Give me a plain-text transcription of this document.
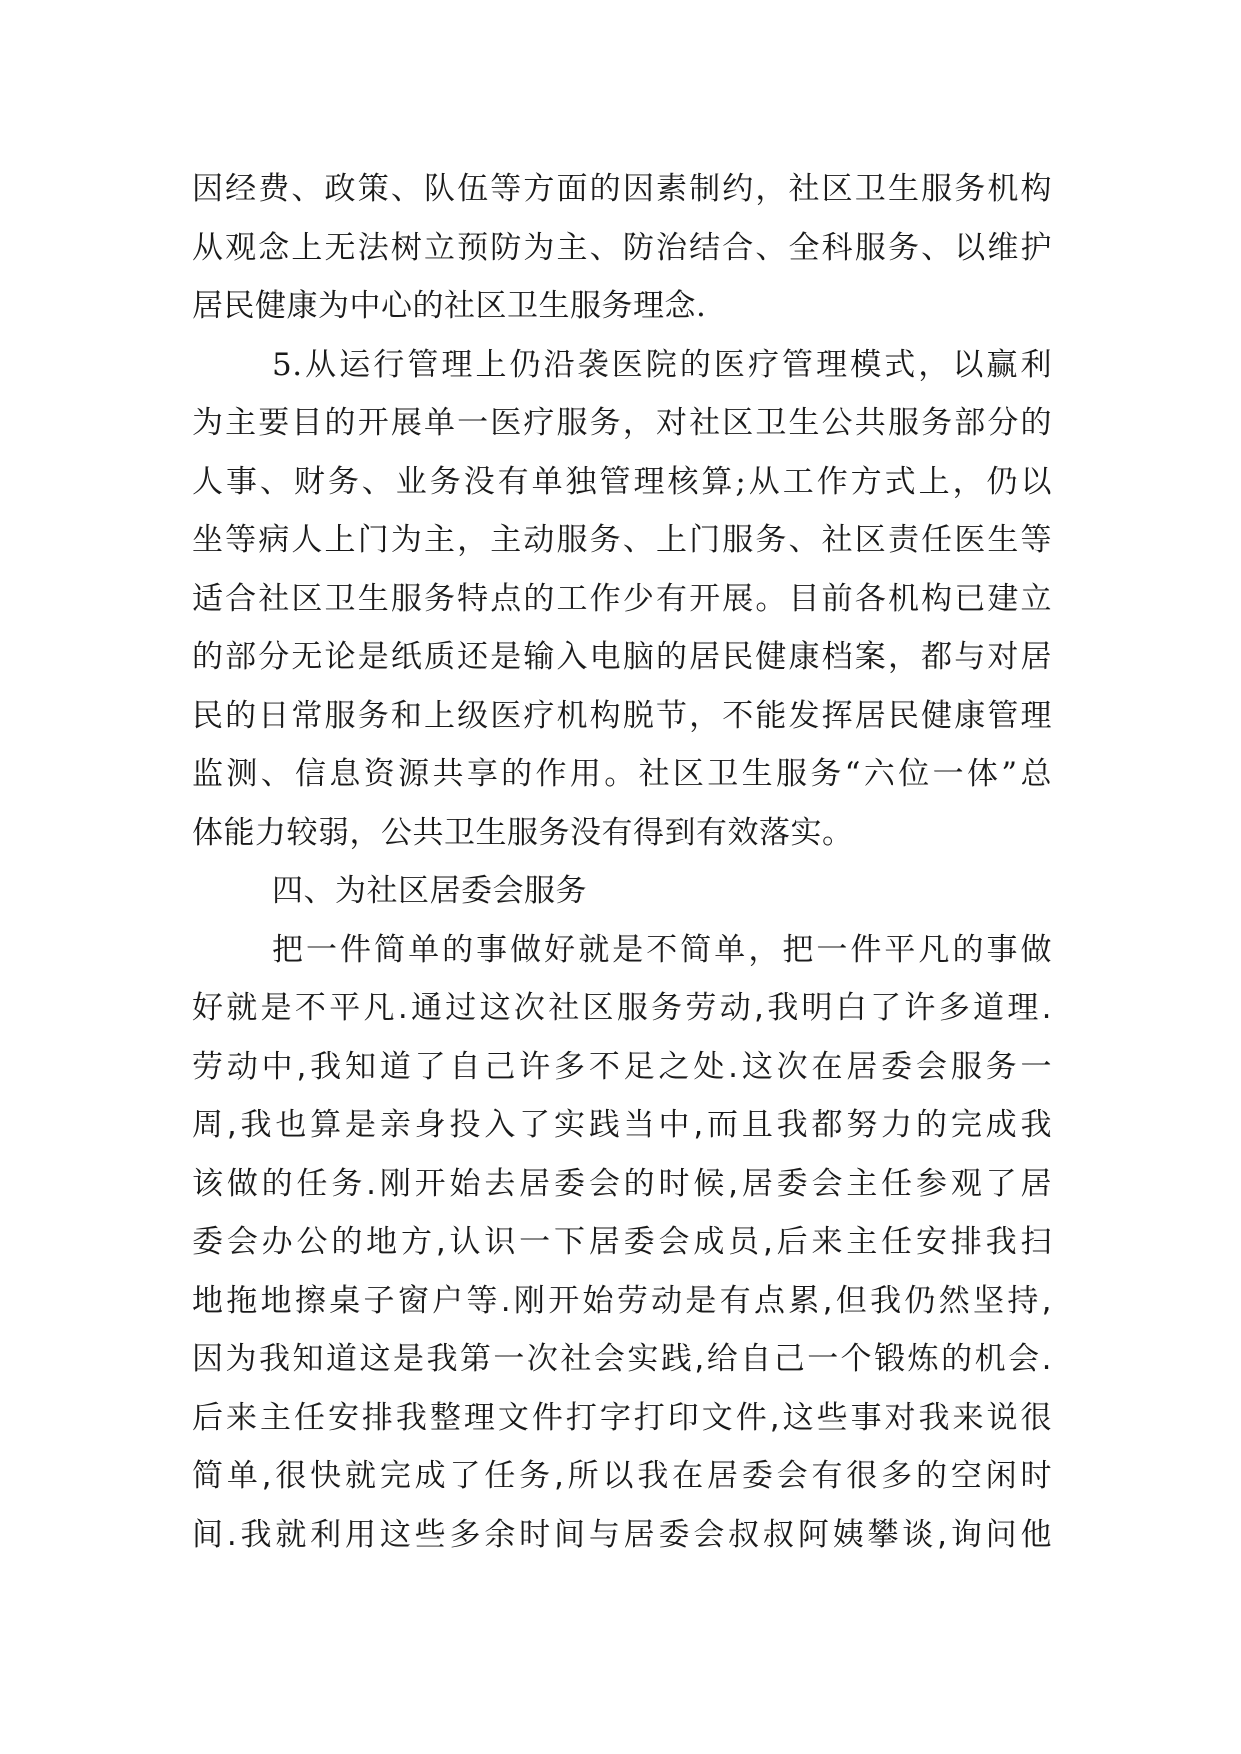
因经费、政策、队伍等方面的因素制约，社区卫生服务机构
从观念上无法树立预防为主、防治结合、全科服务、以维护
居民健康为中心的社区卫生服务理念.
5.从运行管理上仍沿袭医院的医疗管理模式，以赢利
为主要目的开展单一医疗服务，对社区卫生公共服务部分的
人事、财务、业务没有单独管理核算;从工作方式上，仍以
坐等病人上门为主，主动服务、上门服务、社区责任医生等
适合社区卫生服务特点的工作少有开展。目前各机构已建立
的部分无论是纸质还是输入电脑的居民健康档案，都与对居
民的日常服务和上级医疗机构脱节，不能发挥居民健康管理
监测、信息资源共享的作用。社区卫生服务“六位一体”总
体能力较弱，公共卫生服务没有得到有效落实。
四、为社区居委会服务
把一件简单的事做好就是不简单，把一件平凡的事做
好就是不平凡.通过这次社区服务劳动,我明白了许多道理.
劳动中,我知道了自己许多不足之处.这次在居委会服务一
周,我也算是亲身投入了实践当中,而且我都努力的完成我
该做的任务.刚开始去居委会的时候,居委会主任参观了居
委会办公的地方,认识一下居委会成员,后来主任安排我扫
地拖地擦桌子窗户等.刚开始劳动是有点累,但我仍然坚持,
因为我知道这是我第一次社会实践,给自己一个锻炼的机会.
后来主任安排我整理文件打字打印文件,这些事对我来说很
简单,很快就完成了任务,所以我在居委会有很多的空闲时
间.我就利用这些多余时间与居委会叔叔阿姨攀谈,询问他
